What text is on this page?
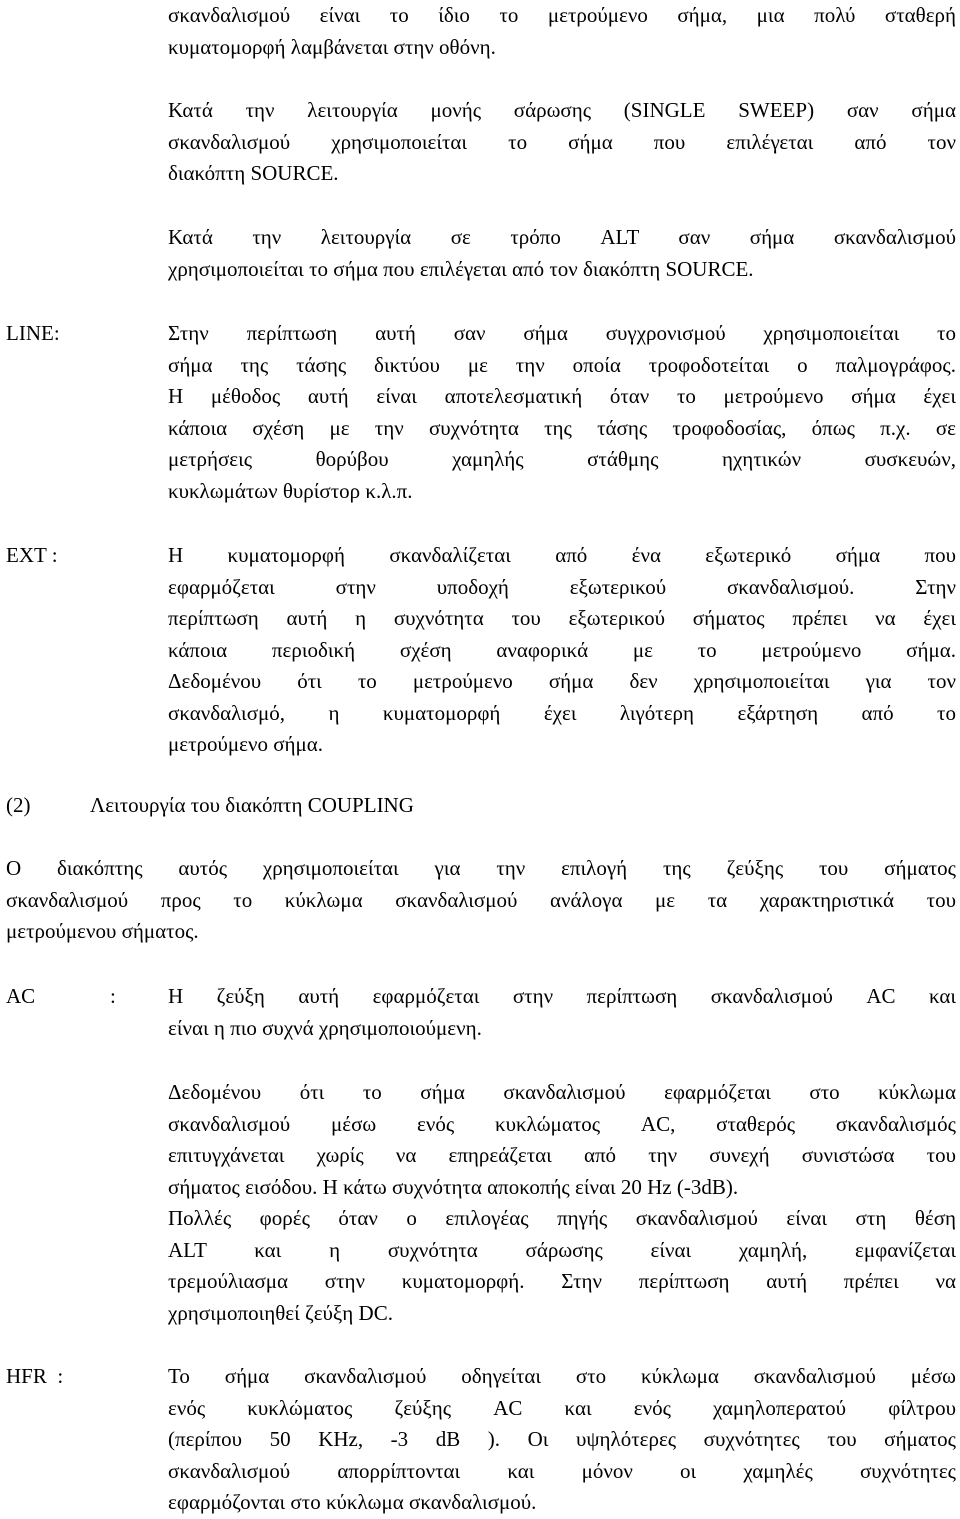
σκανδαλισμού είναι το ίδιο το μετρούμενο σήμα, μια πολύ σταθερή
κυματομορφή λαμβάνεται στην οθόνη.
Κατά την λειτουργία μονής σάρωσης (SINGLE SWEEP) σαν σήμα
σκανδαλισμού χρησιμοποιείται το σήμα που επιλέγεται από τον
διακόπτη SOURCE.
Κατά την λειτουργία σε τρόπο ALT σαν σήμα σκανδαλισμού
χρησιμοποιείται το σήμα που επιλέγεται από τον διακόπτη SOURCE.
LINE:	Στην περίπτωση αυτή σαν σήμα συγχρονισμού χρησιμοποιείται το
σήμα της τάσης δικτύου με την οποία τροφοδοτείται ο παλμογράφος.
Η μέθοδος αυτή είναι αποτελεσματική όταν το μετρούμενο σήμα έχει
κάποια σχέση με την συχνότητα της τάσης τροφοδοσίας, όπως π.χ. σε
μετρήσεις θορύβου χαμηλής στάθμης ηχητικών συσκευών,
κυκλωμάτων θυρίστορ κ.λ.π.
EXT :	Η κυματομορφή σκανδαλίζεται από ένα εξωτερικό σήμα που
εφαρμόζεται στην υποδοχή εξωτερικού σκανδαλισμού. Στην
περίπτωση αυτή η συχνότητα του εξωτερικού σήματος πρέπει να έχει
κάποια περιοδική σχέση αναφορικά με το μετρούμενο σήμα.
Δεδομένου ότι το μετρούμενο σήμα δεν χρησιμοποιείται για τον
σκανδαλισμό, η κυματομορφή έχει λιγότερη εξάρτηση από το
μετρούμενο σήμα.
(2)	Λειτουργία του διακόπτη COUPLING
Ο διακόπτης αυτός χρησιμοποιείται για την επιλογή της ζεύξης του σήματος
σκανδαλισμού προς το κύκλωμα σκανδαλισμού ανάλογα με τα χαρακτηριστικά του
μετρούμενου σήματος.
AC	: Η ζεύξη αυτή εφαρμόζεται στην περίπτωση σκανδαλισμού AC και
είναι η πιο συχνά χρησιμοποιούμενη.
Δεδομένου ότι το σήμα σκανδαλισμού εφαρμόζεται στο κύκλωμα
σκανδαλισμού μέσω ενός κυκλώματος AC, σταθερός σκανδαλισμός
επιτυγχάνεται χωρίς να επηρεάζεται από την συνεχή συνιστώσα του
σήματος εισόδου. Η κάτω συχνότητα αποκοπής είναι 20 Hz (-3dB).
Πολλές φορές όταν ο επιλογέας πηγής σκανδαλισμού είναι στη θέση
ALT και η συχνότητα σάρωσης είναι χαμηλή, εμφανίζεται
τρεμούλιασμα στην κυματομορφή. Στην περίπτωση αυτή πρέπει να
χρησιμοποιηθεί ζεύξη DC.
HFR  :	Το σήμα σκανδαλισμού οδηγείται στο κύκλωμα σκανδαλισμού μέσω
ενός κυκλώματος ζεύξης AC και ενός χαμηλοπερατού φίλτρου
(περίπου 50 KHz, -3 dB ). Οι υψηλότερες συχνότητες του σήματος
σκανδαλισμού απορρίπτονται και μόνον οι χαμηλές συχνότητες
εφαρμόζονται στο κύκλωμα σκανδαλισμού.
